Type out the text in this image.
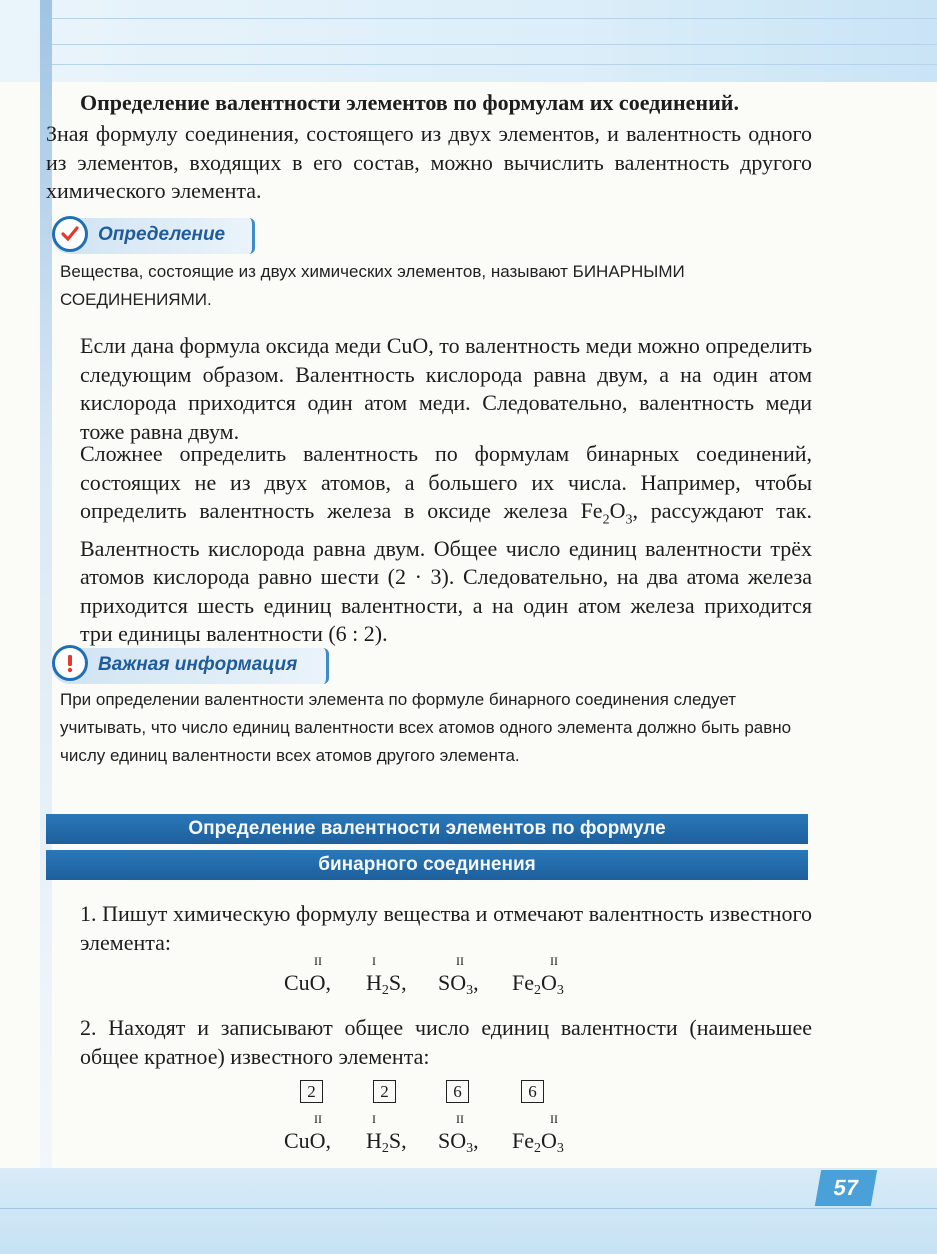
Определение валентности элементов по формулам их соединений.
Зная формулу соединения, состоящего из двух элементов, и валентность одного из элементов, входящих в его состав, можно вычислить валентность другого химического элемента.
Определение
Вещества, состоящие из двух химических элементов, называют БИНАРНЫМИ СОЕДИНЕНИЯМИ.
Если дана формула оксида меди CuO, то валентность меди можно определить следующим образом. Валентность кислорода равна двум, а на один атом кислорода приходится один атом меди. Следовательно, валентность меди тоже равна двум.
Сложнее определить валентность по формулам бинарных соединений, состоящих не из двух атомов, а большего их числа. Например, чтобы определить валентность железа в оксиде железа $Fe_2O_3$, рассуждают так. Валентность кислорода равна двум. Общее число единиц валентности трёх атомов кислорода равно шести (2 · 3). Следовательно, на два атома железа приходится шесть единиц валентности, а на один атом железа приходится три единицы валентности (6 : 2).
Важная информация
При определении валентности элемента по формуле бинарного соединения следует учитывать, что число единиц валентности всех атомов одного элемента должно быть равно числу единиц валентности всех атомов другого элемента.
Определение валентности элементов по формуле
бинарного соединения
1. Пишут химическую формулу вещества и отмечают валентность известного элемента:
II
CuO,
I
$H_2S$,
II
$SO_3$,
II
$Fe_2O_3$
2. Находят и записывают общее число единиц валентности (наименьшее общее кратное) известного элемента:
2	2	6	6
II
CuO,
I
$H_2S$,
II
$SO_3$,
II
$Fe_2O_3$
57
